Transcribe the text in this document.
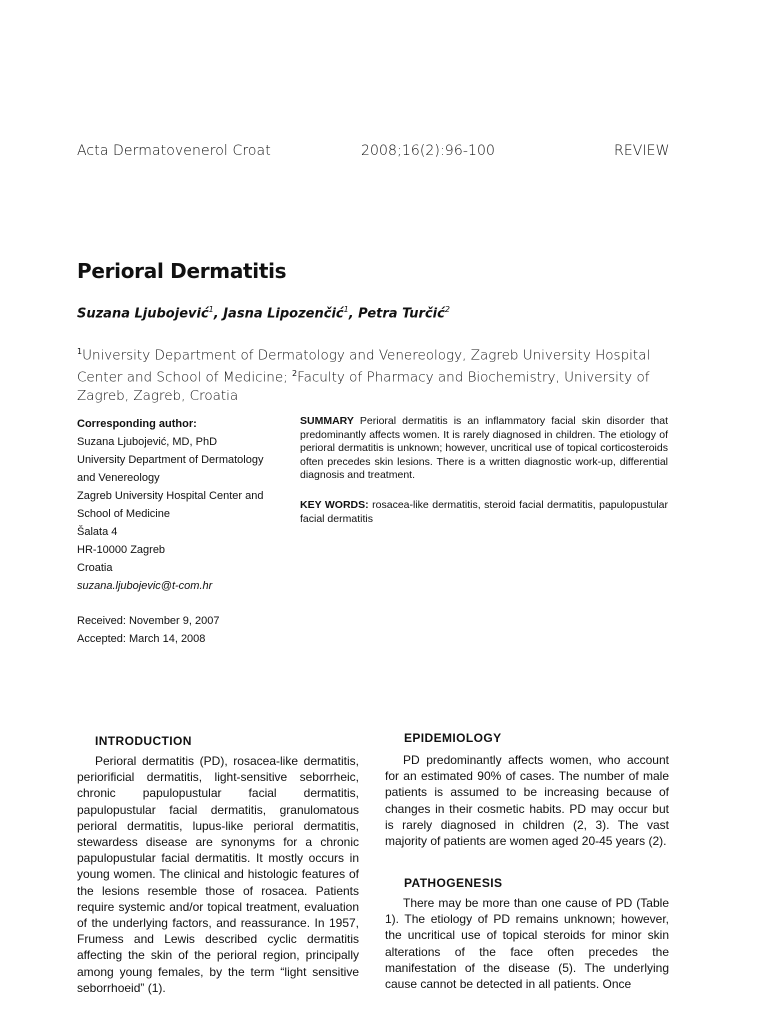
Acta Dermatovenerol Croat	2008;16(2):96-100	REVIEW
Perioral Dermatitis
Suzana Ljubojević$^1$, Jasna Lipozenčić$^1$, Petra Turčić$^2$
$^1$University Department of Dermatology and Venereology, Zagreb University Hospital Center and School of Medicine; $^2$Faculty of Pharmacy and Biochemistry, University of Zagreb, Zagreb, Croatia
Corresponding author:
Suzana Ljubojević, MD, PhD
University Department of Dermatology
and Venereology
Zagreb University Hospital Center and
School of Medicine
Šalata 4
HR-10000 Zagreb
Croatia
suzana.ljubojevic@t-com.hr
Received: November 9, 2007
Accepted: March 14, 2008
SUMMARY Perioral dermatitis is an inflammatory facial skin disorder that predominantly affects women. It is rarely diagnosed in children. The etiology of perioral dermatitis is unknown; however, uncritical use of topical corticosteroids often precedes skin lesions. There is a written diagnostic work-up, differential diagnosis and treatment.
KEY WORDS: rosacea-like dermatitis, steroid facial dermatitis, papulopustular facial dermatitis
INTRODUCTION

Perioral dermatitis (PD), rosacea-like dermatitis, periorificial dermatitis, light-sensitive seborrheic, chronic papulopustular facial dermatitis, papulopustular facial dermatitis, granulomatous perioral dermatitis, lupus-like perioral dermatitis, stewardess disease are synonyms for a chronic papulopustular facial dermatitis. It mostly occurs in young women. The clinical and histologic features of the lesions resemble those of rosacea. Patients require systemic and/or topical treatment, evaluation of the underlying factors, and reassurance. In 1957, Frumess and Lewis described cyclic dermatitis affecting the skin of the perioral region, principally among young females, by the term “light sensitive seborrhoeid” (1).

EPIDEMIOLOGY

PD predominantly affects women, who account for an estimated 90% of cases. The number of male patients is assumed to be increasing because of changes in their cosmetic habits. PD may occur but is rarely diagnosed in children (2, 3). The vast majority of patients are women aged 20-45 years (2).

PATHOGENESIS

There may be more than one cause of PD (Table 1). The etiology of PD remains unknown; however, the uncritical use of topical steroids for minor skin alterations of the face often precedes the manifestation of the disease (5). The underlying cause cannot be detected in all patients. Once
